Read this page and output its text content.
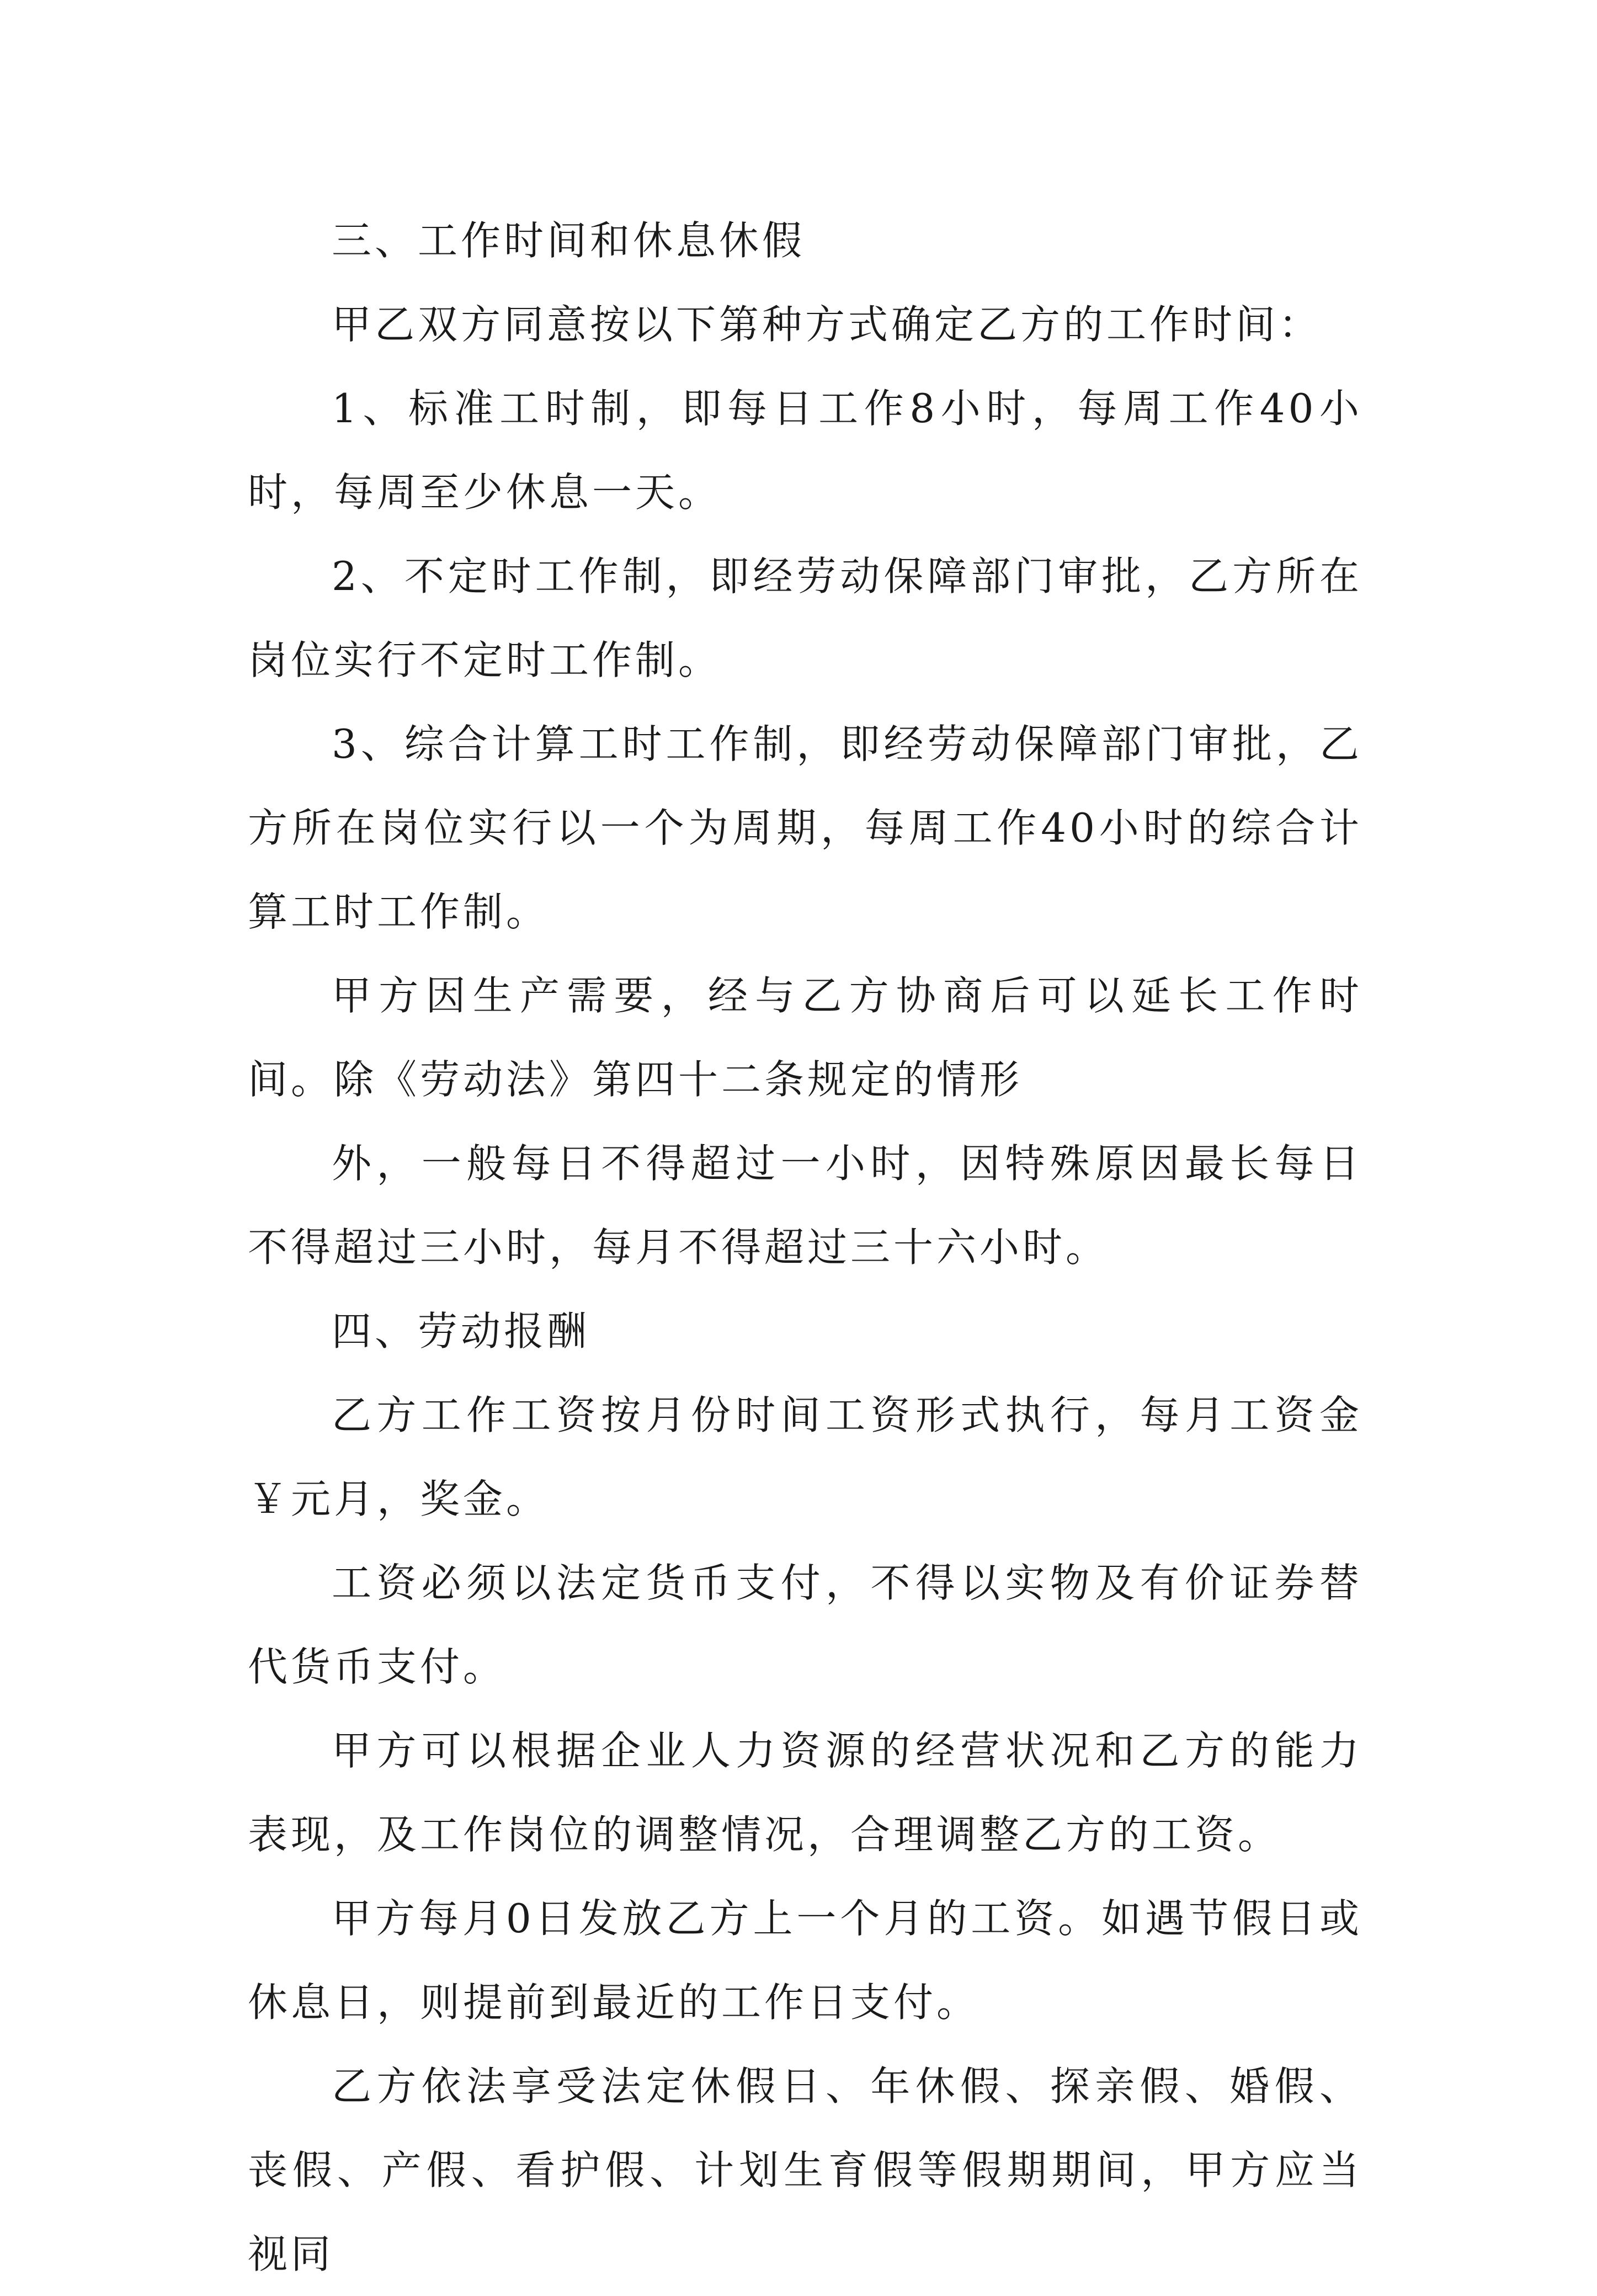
三、工作时间和休息休假

甲乙双方同意按以下第种方式确定乙方的工作时间：

1、标准工时制，即每日工作8小时，每周工作40小时，每周至少休息一天。

2、不定时工作制，即经劳动保障部门审批，乙方所在岗位实行不定时工作制。

3、综合计算工时工作制，即经劳动保障部门审批，乙方所在岗位实行以一个为周期，每周工作40小时的综合计算工时工作制。

甲方因生产需要，经与乙方协商后可以延长工作时间。除《劳动法》第四十二条规定的情形

外，一般每日不得超过一小时，因特殊原因最长每日不得超过三小时，每月不得超过三十六小时。

四、劳动报酬

乙方工作工资按月份时间工资形式执行，每月工资金￥元月，奖金。

工资必须以法定货币支付，不得以实物及有价证券替代货币支付。

甲方可以根据企业人力资源的经营状况和乙方的能力表现，及工作岗位的调整情况，合理调整乙方的工资。

甲方每月0日发放乙方上一个月的工资。如遇节假日或休息日，则提前到最近的工作日支付。

乙方依法享受法定休假日、年休假、探亲假、婚假、丧假、产假、看护假、计划生育假等假期期间，甲方应当视同
